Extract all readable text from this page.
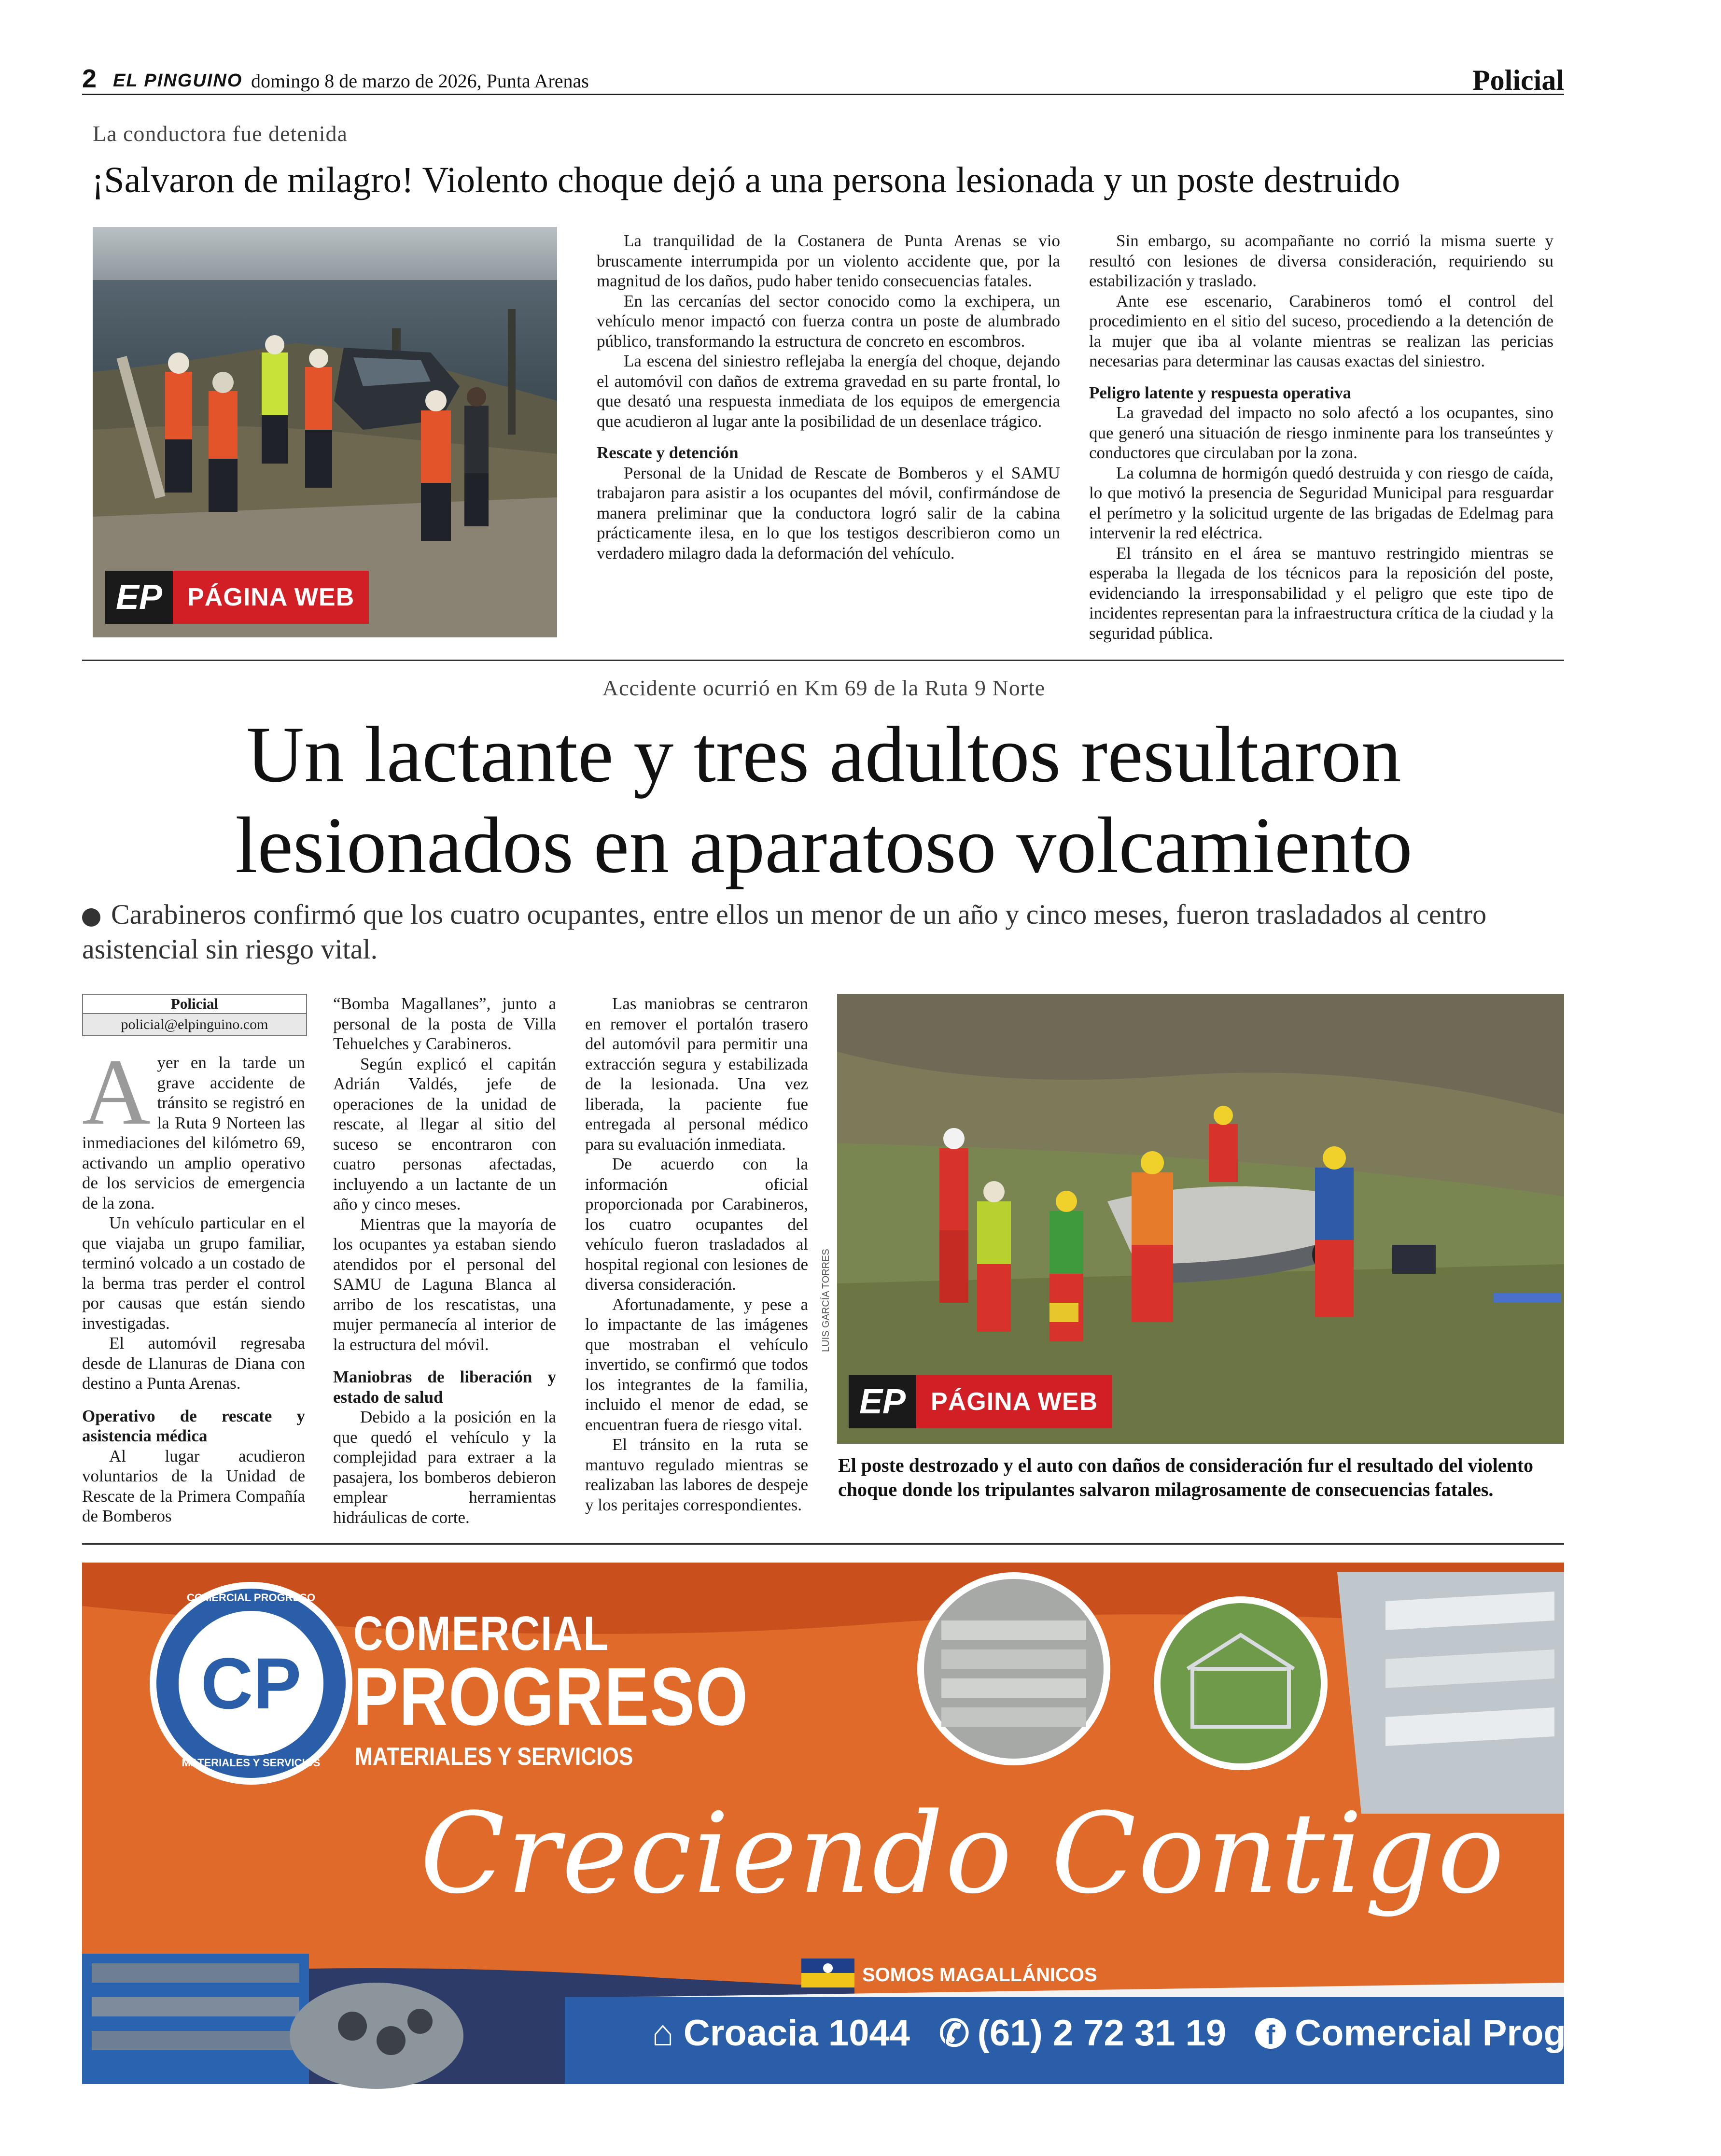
2 EL PINGUINO domingo 8 de marzo de 2026, Punta Arenas	Policial
La conductora fue detenida
¡Salvaron de milagro! Violento choque dejó a una persona lesionada y un poste destruido
EP	PÁGINA WEB

La tranquilidad de la Costanera de Punta Arenas se vio bruscamente interrumpida por un violento accidente que, por la magnitud de los daños, pudo haber tenido consecuencias fatales.

En las cercanías del sector conocido como la exchipera, un vehículo menor impactó con fuerza contra un poste de alumbrado público, transformando la estructura de concreto en escombros.

La escena del siniestro reflejaba la energía del choque, dejando el automóvil con daños de extrema gravedad en su parte frontal, lo que desató una respuesta inmediata de los equipos de emergencia que acudieron al lugar ante la posibilidad de un desenlace trágico.

Rescate y detención

Personal de la Unidad de Rescate de Bomberos y el SAMU trabajaron para asistir a los ocupantes del móvil, confirmándose de manera preliminar que la conductora logró salir de la cabina prácticamente ilesa, en lo que los testigos describieron como un verdadero milagro dada la deformación del vehículo.

Sin embargo, su acompañante no corrió la misma suerte y resultó con lesiones de diversa consideración, requiriendo su estabilización y traslado.

Ante ese escenario, Carabineros tomó el control del procedimiento en el sitio del suceso, procediendo a la detención de la mujer que iba al volante mientras se realizan las pericias necesarias para determinar las causas exactas del siniestro.

Peligro latente y respuesta operativa

La gravedad del impacto no solo afectó a los ocupantes, sino que generó una situación de riesgo inminente para los transeúntes y conductores que circulaban por la zona.

La columna de hormigón quedó destruida y con riesgo de caída, lo que motivó la presencia de Seguridad Municipal para resguardar el perímetro y la solicitud urgente de las brigadas de Edelmag para intervenir la red eléctrica.

El tránsito en el área se mantuvo restringido mientras se esperaba la llegada de los técnicos para la reposición del poste, evidenciando la irresponsabilidad y el peligro que este tipo de incidentes representan para la infraestructura crítica de la ciudad y la seguridad pública.

Accidente ocurrió en Km 69 de la Ruta 9 Norte
Un lactante y tres adultos resultaron
lesionados en aparatoso volcamiento
Carabineros confirmó que los cuatro ocupantes, entre ellos un menor de un año y cinco meses, fueron trasladados al centro asistencial sin riesgo vital.
Policial
policial@elpinguino.com

Ayer en la tarde un grave accidente de tránsito se registró en la Ruta 9 Norteen las inmediaciones del kilómetro 69, activando un amplio operativo de los servicios de emergencia de la zona.

Un vehículo particular en el que viajaba un grupo familiar, terminó volcado a un costado de la berma tras perder el control por causas que están siendo investigadas.

El automóvil regresaba desde de Llanuras de Diana con destino a Punta Arenas.

Operativo de rescate y asistencia médica

Al lugar acudieron voluntarios de la Unidad de Rescate de la Primera Compañía de Bomberos

“Bomba Magallanes”, junto a personal de la posta de Villa Tehuelches y Carabineros.

Según explicó el capitán Adrián Valdés, jefe de operaciones de la unidad de rescate, al llegar al sitio del suceso se encontraron con cuatro personas afectadas, incluyendo a un lactante de un año y cinco meses.

Mientras que la mayoría de los ocupantes ya estaban siendo atendidos por el personal del SAMU de Laguna Blanca al arribo de los rescatistas, una mujer permanecía al interior de la estructura del móvil.

Maniobras de liberación y estado de salud

Debido a la posición en la que quedó el vehículo y la complejidad para extraer a la pasajera, los bomberos debieron emplear herramientas hidráulicas de corte.

Las maniobras se centraron en remover el portalón trasero del automóvil para permitir una extracción segura y estabilizada de la lesionada. Una vez liberada, la paciente fue entregada al personal médico para su evaluación inmediata.

De acuerdo con la información oficial proporcionada por Carabineros, los cuatro ocupantes del vehículo fueron trasladados al hospital regional con lesiones de diversa consideración.

Afortunadamente, y pese a lo impactante de las imágenes que mostraban el vehículo invertido, se confirmó que todos los integrantes de la familia, incluido el menor de edad, se encuentran fuera de riesgo vital.

El tránsito en la ruta se mantuvo regulado mientras se realizaban las labores de despeje y los peritajes correspondientes.

EP	PÁGINA WEB
LUIS GARCÍA TORRES
El poste destrozado y el auto con daños de consideración fur el resultado del violento choque donde los tripulantes salvaron milagrosamente de consecuencias fatales.
CP
COMERCIAL PROGRESO
MATERIALES Y SERVICIOS
COMERCIAL
PROGRESO
MATERIALES Y SERVICIOS
Creciendo Contigo
SOMOS MAGALLÁNICOS
⌂ Croacia 1044 ✆ (61) 2 72 31 19	f Comercial Progreso puq
